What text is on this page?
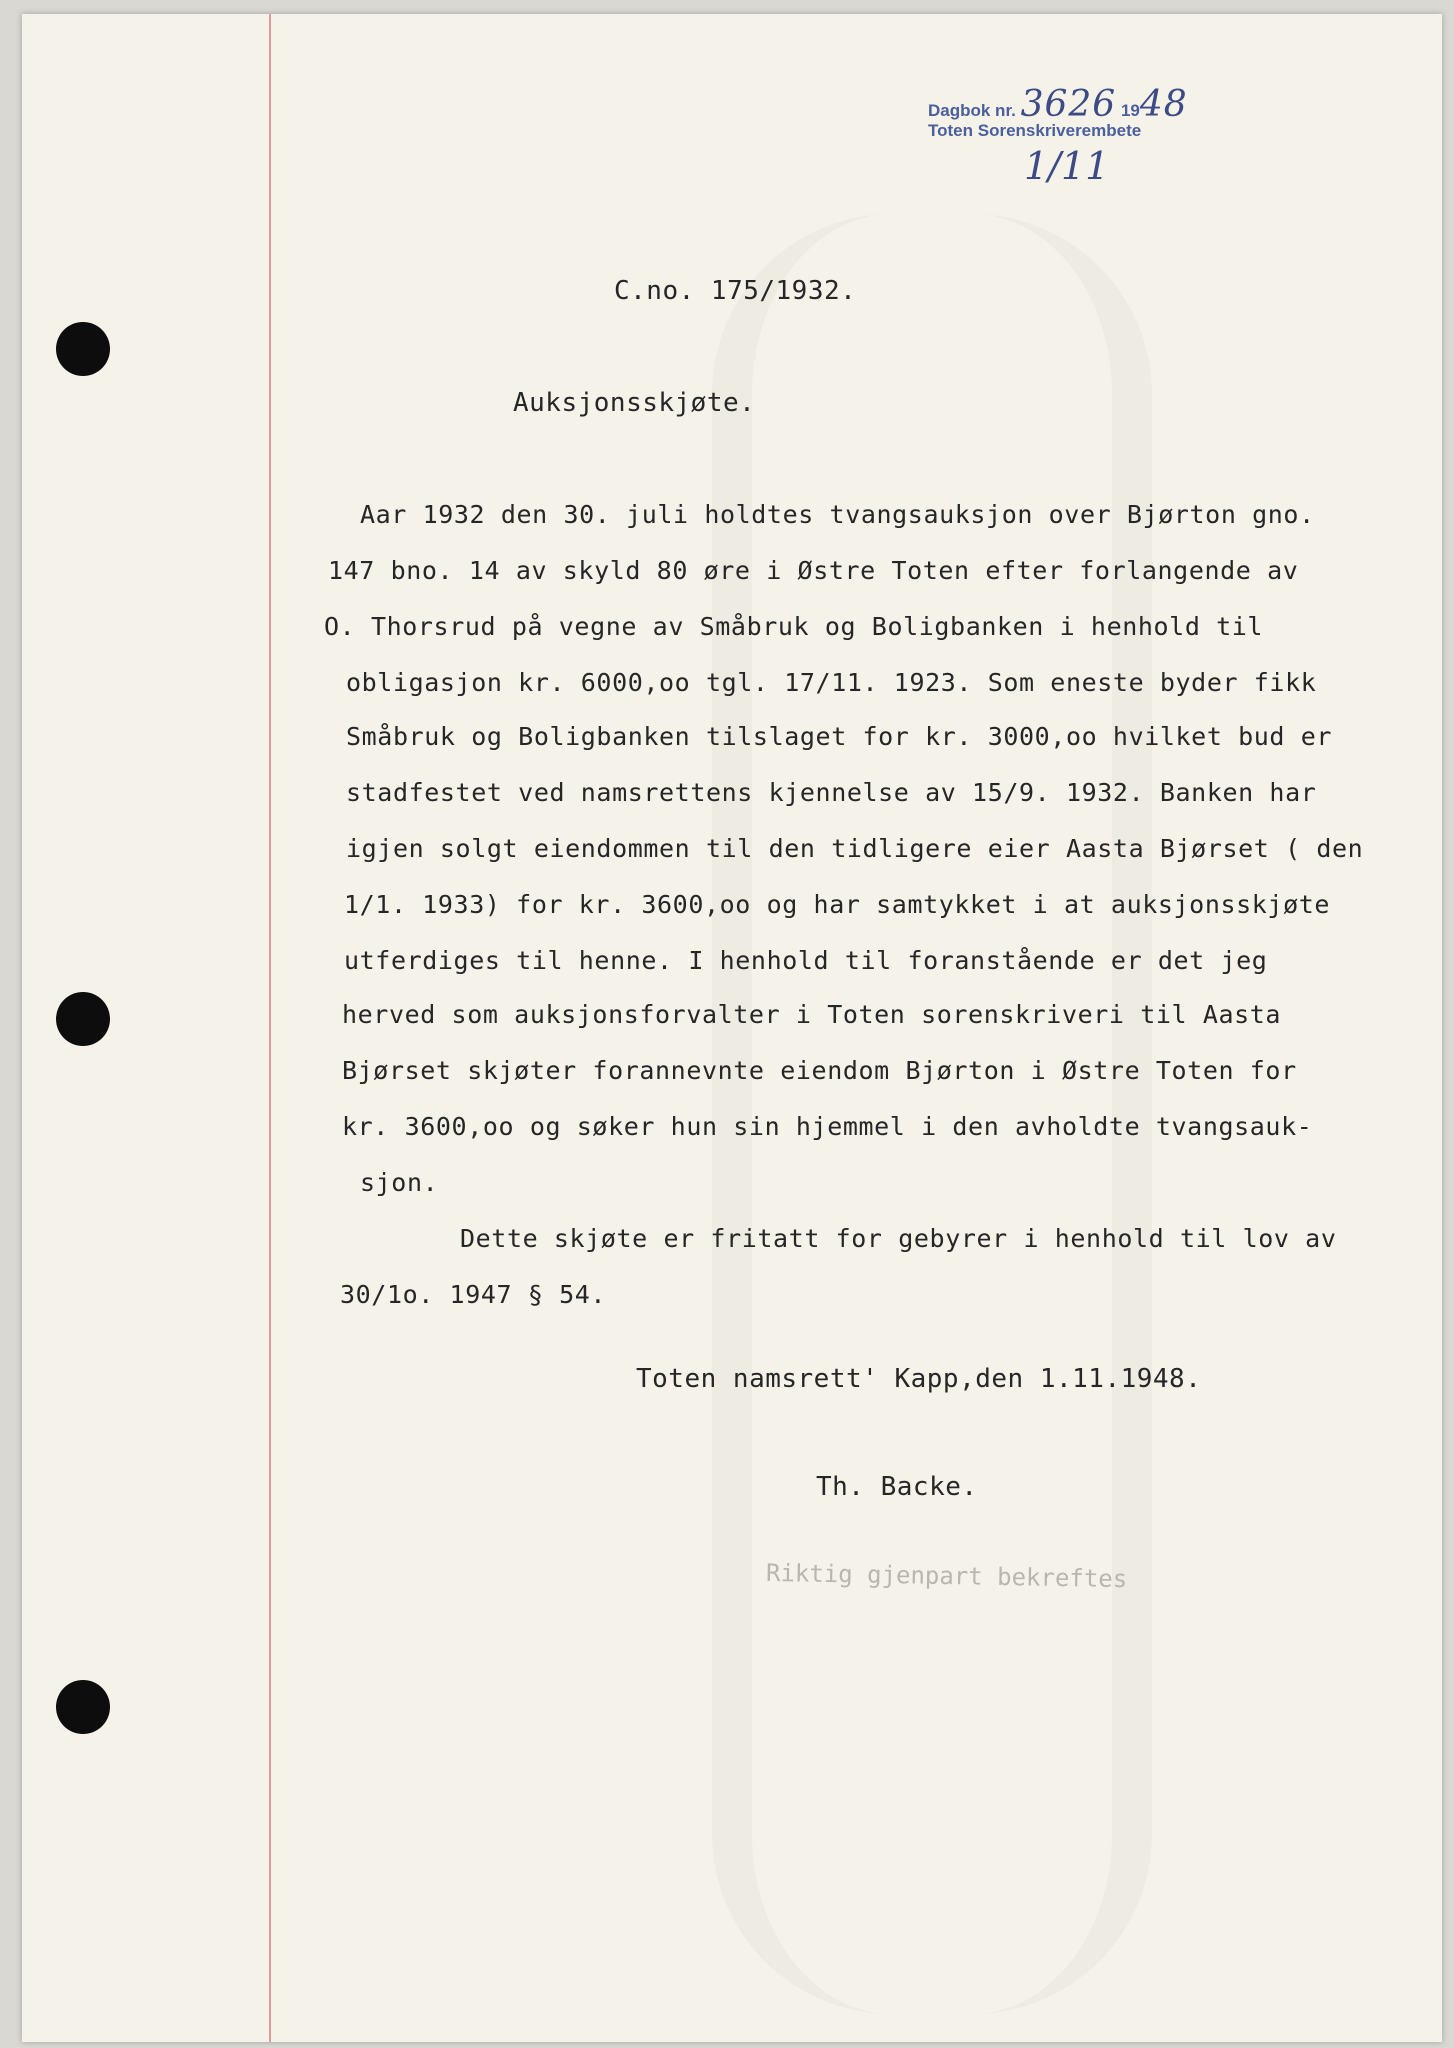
Dagbok nr. 3626 1948
Toten Sorenskriverembete
1/11
C.no. 175/1932.
Auksjonsskjøte.
Aar 1932 den 30. juli holdtes tvangsauksjon over Bjørton gno.
147 bno. 14 av skyld 80 øre i Østre Toten efter forlangende av
O. Thorsrud på vegne av Småbruk og Boligbanken i henhold til
obligasjon kr. 6000,oo tgl. 17/11. 1923. Som eneste byder fikk
Småbruk og Boligbanken tilslaget for kr. 3000,oo hvilket bud er
stadfestet ved namsrettens kjennelse av 15/9. 1932. Banken har
igjen solgt eiendommen til den tidligere eier Aasta Bjørset ( den
1/1. 1933) for kr. 3600,oo og har samtykket i at auksjonsskjøte
utferdiges til henne. I henhold til foranstående er det jeg
herved som auksjonsforvalter i Toten sorenskriveri til Aasta
Bjørset skjøter forannevnte eiendom Bjørton i Østre Toten for
kr. 3600,oo og søker hun sin hjemmel i den avholdte tvangsauk-
sjon.
Dette skjøte er fritatt for gebyrer i henhold til lov av
30/1o. 1947 § 54.
Toten namsrett' Kapp,den 1.11.1948.
Th. Backe.
Riktig gjenpart bekreftes
